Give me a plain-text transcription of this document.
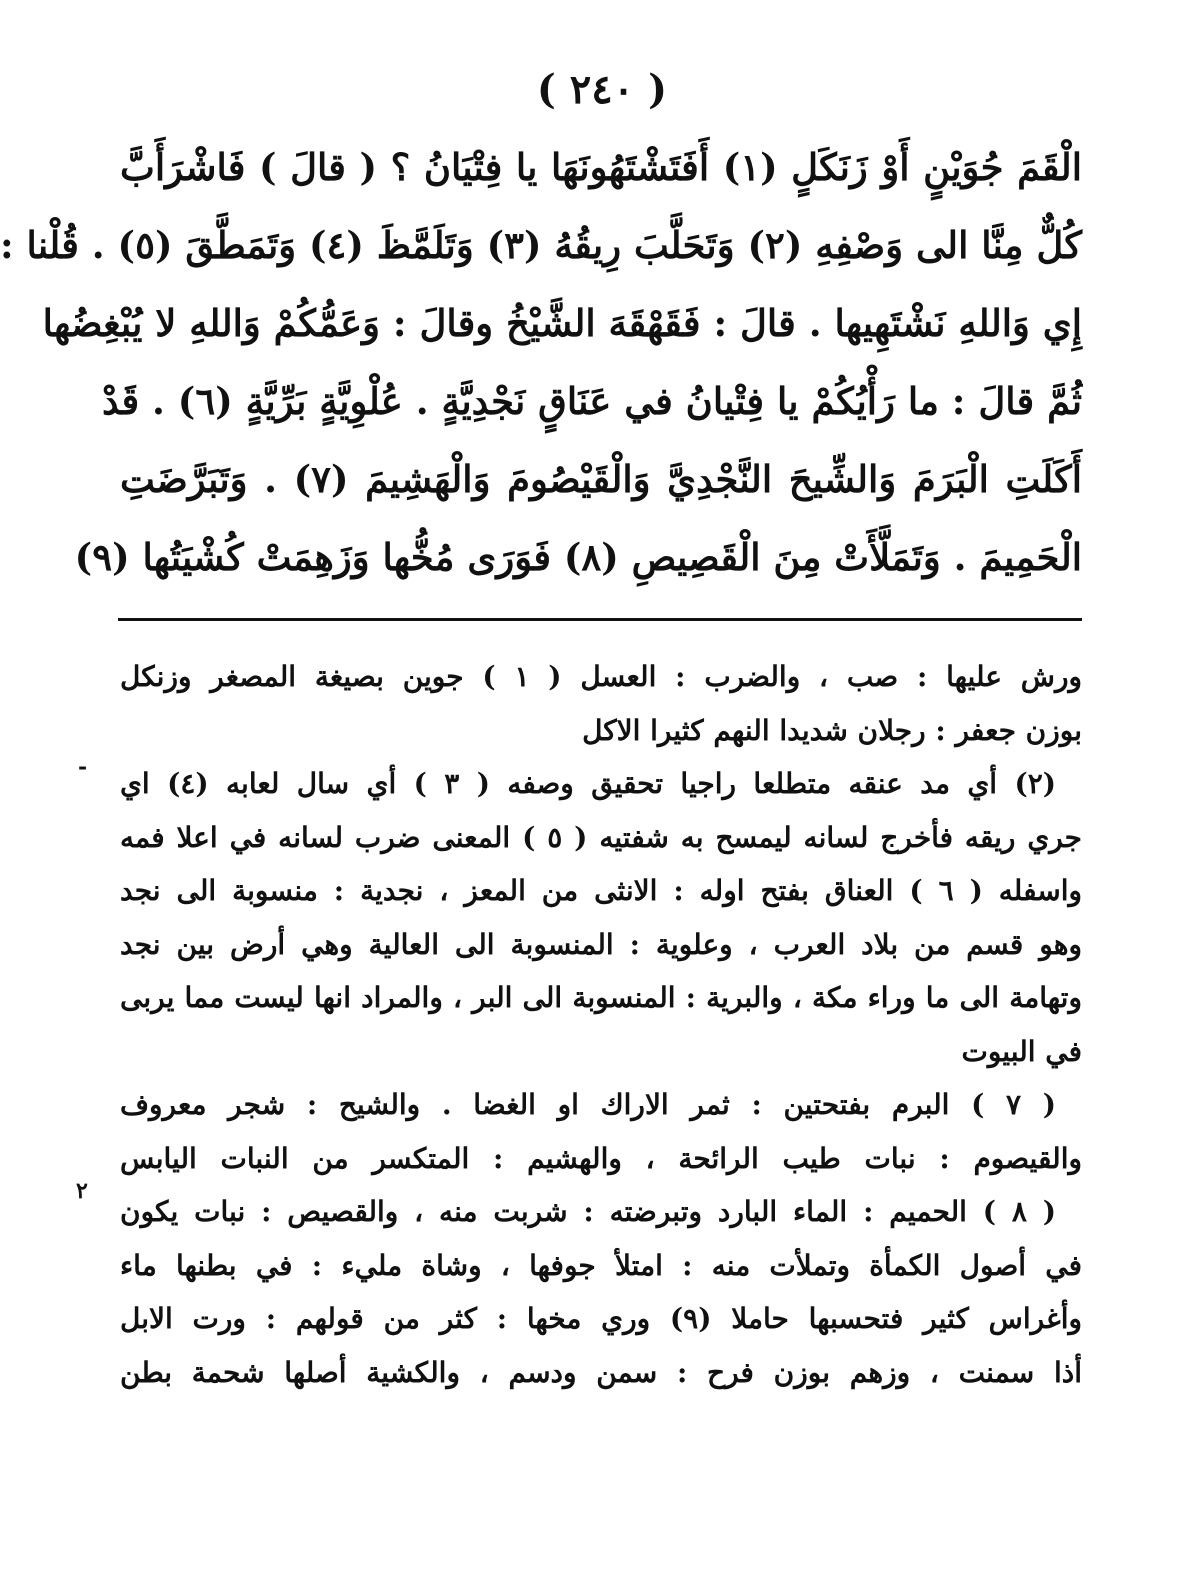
( ٢٤٠ )
الْقَمَ جُوَيْنٍ أَوْ زَنَكَلٍ (١) أَفَتَشْتَهُونَهَا يا فِتْيَانُ ؟ ( قالَ ) فَاشْرَأَبَّ
كُلٌّ مِنَّا الى وَصْفِهِ (٢) وَتَحَلَّبَ رِيقُهُ (٣) وَتَلَمَّظَ (٤) وَتَمَطَّقَ (٥) . قُلْنا :
إِي وَاللهِ نَشْتَهِيها . قالَ : فَقَهْقَهَ الشَّيْخُ وقالَ : وَعَمُّكُمْ وَاللهِ لا يُبْغِضُها
ثُمَّ قالَ : ما رَأْيُكُمْ يا فِتْيانُ في عَنَاقٍ نَجْدِيَّةٍ . عُلْوِيَّةٍ بَرِّيَّةٍ (٦) . قَدْ
أَكَلَتِ الْبَرَمَ وَالشِّيحَ النَّجْدِيَّ وَالْقَيْصُومَ وَالْهَشِيمَ (٧) . وَتَبَرَّضَتِ
الْحَمِيمَ . وَتَمَلَّأَتْ مِنَ الْقَصِيصِ (٨) فَوَرَى مُخُّها وَزَهِمَتْ كُشْيَتُها (٩)
ورش عليها : صب ، والضرب : العسل ( ١ ) جوين بصيغة المصغر وزنكل
بوزن جعفر : رجلان شديدا النهم كثيرا الاكل
(٢) أي مد عنقه متطلعا راجيا تحقيق وصفه ( ٣ ) أي سال لعابه (٤) اي
جري ريقه فأخرج لسانه ليمسح به شفتيه ( ٥ ) المعنى ضرب لسانه في اعلا فمه
واسفله ( ٦ ) العناق بفتح اوله : الانثى من المعز ، نجدية : منسوبة الى نجد
وهو قسم من بلاد العرب ، وعلوية : المنسوبة الى العالية وهي أرض بين نجد
وتهامة الى ما وراء مكة ، والبرية : المنسوبة الى البر ، والمراد انها ليست مما يربى
في البيوت
( ٧ ) البرم بفتحتين : ثمر الاراك او الغضا . والشيح : شجر معروف
والقيصوم : نبات طيب الرائحة ، والهشيم : المتكسر من النبات اليابس
( ٨ ) الحميم : الماء البارد وتبرضته : شربت منه ، والقصيص : نبات يكون
في أصول الكمأة وتملأت منه : امتلأ جوفها ، وشاة مليء : في بطنها ماء
وأغراس كثير فتحسبها حاملا (٩) وري مخها : كثر من قولهم : ورت الابل
أذا سمنت ، وزهم بوزن فرح : سمن ودسم ، والكشية أصلها شحمة بطن
-
٢
